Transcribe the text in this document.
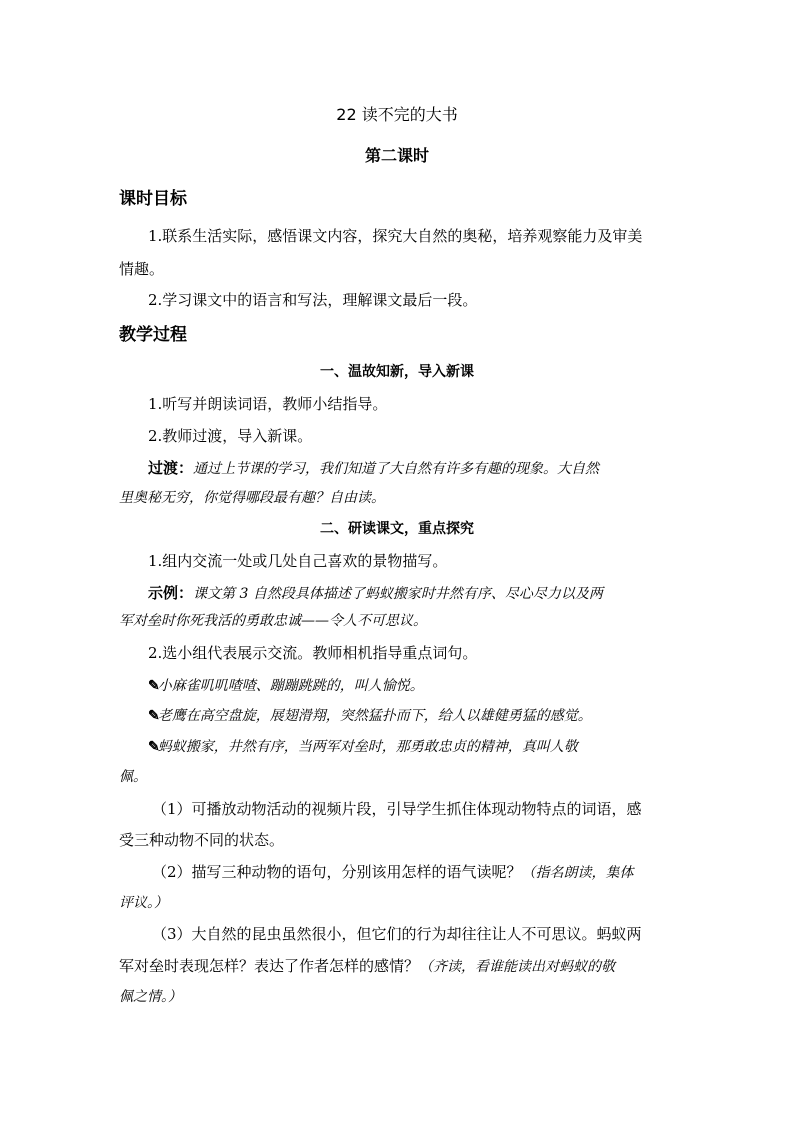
22 读不完的大书
第二课时
课时目标
1.联系生活实际，感悟课文内容，探究大自然的奥秘，培养观察能力及审美
情趣。
2.学习课文中的语言和写法，理解课文最后一段。
教学过程
一、温故知新，导入新课
1.听写并朗读词语，教师小结指导。
2.教师过渡，导入新课。
过渡：通过上节课的学习，我们知道了大自然有许多有趣的现象。大自然
里奥秘无穷，你觉得哪段最有趣？自由读。
二、研读课文，重点探究
1.组内交流一处或几处自己喜欢的景物描写。
示例：课文第 3 自然段具体描述了蚂蚁搬家时井然有序、尽心尽力以及两
军对垒时你死我活的勇敢忠诚——令人不可思议。
2.选小组代表展示交流。教师相机指导重点词句。
✎小麻雀叽叽喳喳、蹦蹦跳跳的，叫人愉悦。
✎老鹰在高空盘旋，展翅滑翔，突然猛扑而下，给人以雄健勇猛的感觉。
✎蚂蚁搬家，井然有序，当两军对垒时，那勇敢忠贞的精神，真叫人敬
佩。
（1）可播放动物活动的视频片段，引导学生抓住体现动物特点的词语，感
受三种动物不同的状态。
（2）描写三种动物的语句，分别该用怎样的语气读呢？（指名朗读，集体
评议。）
（3）大自然的昆虫虽然很小，但它们的行为却往往让人不可思议。蚂蚁两
军对垒时表现怎样？表达了作者怎样的感情？（齐读，看谁能读出对蚂蚁的敬
佩之情。）
